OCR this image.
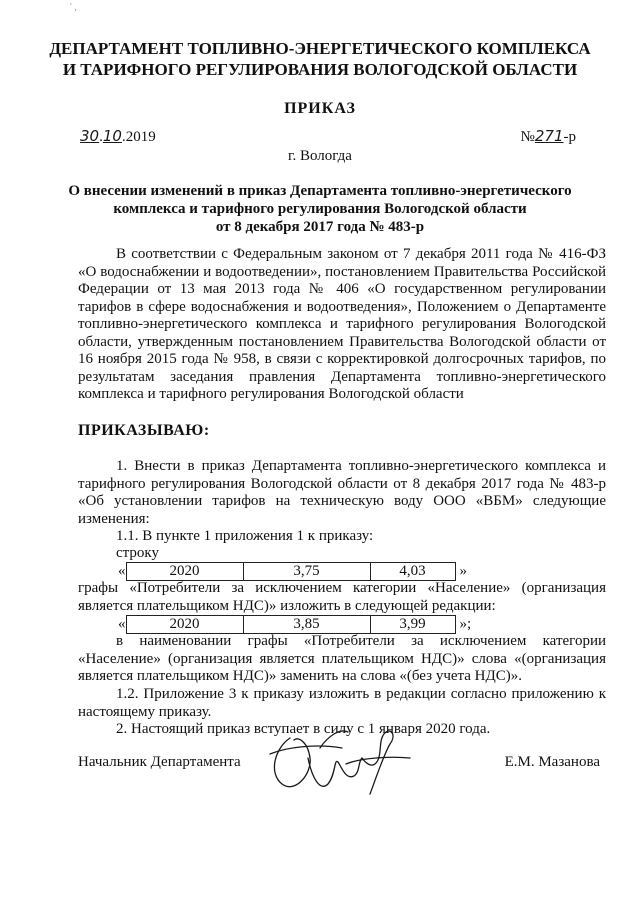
' ,
ДЕПАРТАМЕНТ ТОПЛИВНО-ЭНЕРГЕТИЧЕСКОГО КОМПЛЕКСА
И ТАРИФНОГО РЕГУЛИРОВАНИЯ ВОЛОГОДСКОЙ ОБЛАСТИ
ПРИКАЗ
30.10.2019	№271-р
г. Вологда
О внесении изменений в приказ Департамента топливно-энергетического
комплекса и тарифного регулирования Вологодской области
от 8 декабря 2017 года № 483-р
В соответствии с Федеральным законом от 7 декабря 2011 года № 416-ФЗ «О водоснабжении и водоотведении», постановлением Правительства Российской Федерации от 13 мая 2013 года № 406 «О государственном регулировании тарифов в сфере водоснабжения и водоотведения», Положением о Департаменте топливно-энергетического комплекса и тарифного регулирования Вологодской области, утвержденным постановлением Правительства Вологодской области от 16 ноября 2015 года № 958, в связи с корректировкой долгосрочных тарифов, по результатам заседания правления Департамента топливно-энергетического комплекса и тарифного регулирования Вологодской области
ПРИКАЗЫВАЮ:
1. Внести в приказ Департамента топливно-энергетического комплекса и тарифного регулирования Вологодской области от 8 декабря 2017 года № 483-р «Об установлении тарифов на техническую воду ООО «ВБМ» следующие изменения:
1.1. В пункте 1 приложения 1 к приказу:
строку
«	2020	3,75	4,03 »
графы «Потребители за исключением категории «Население» (организация является плательщиком НДС)» изложить в следующей редакции:
«	2020	3,85	3,99 »;
в наименовании графы «Потребители за исключением категории «Население» (организация является плательщиком НДС)» слова «(организация является плательщиком НДС)» заменить на слова «(без учета НДС)».
1.2. Приложение 3 к приказу изложить в редакции согласно приложению к настоящему приказу.
2. Настоящий приказ вступает в силу с 1 января 2020 года.
Начальник Департамента	Е.М. Мазанова
